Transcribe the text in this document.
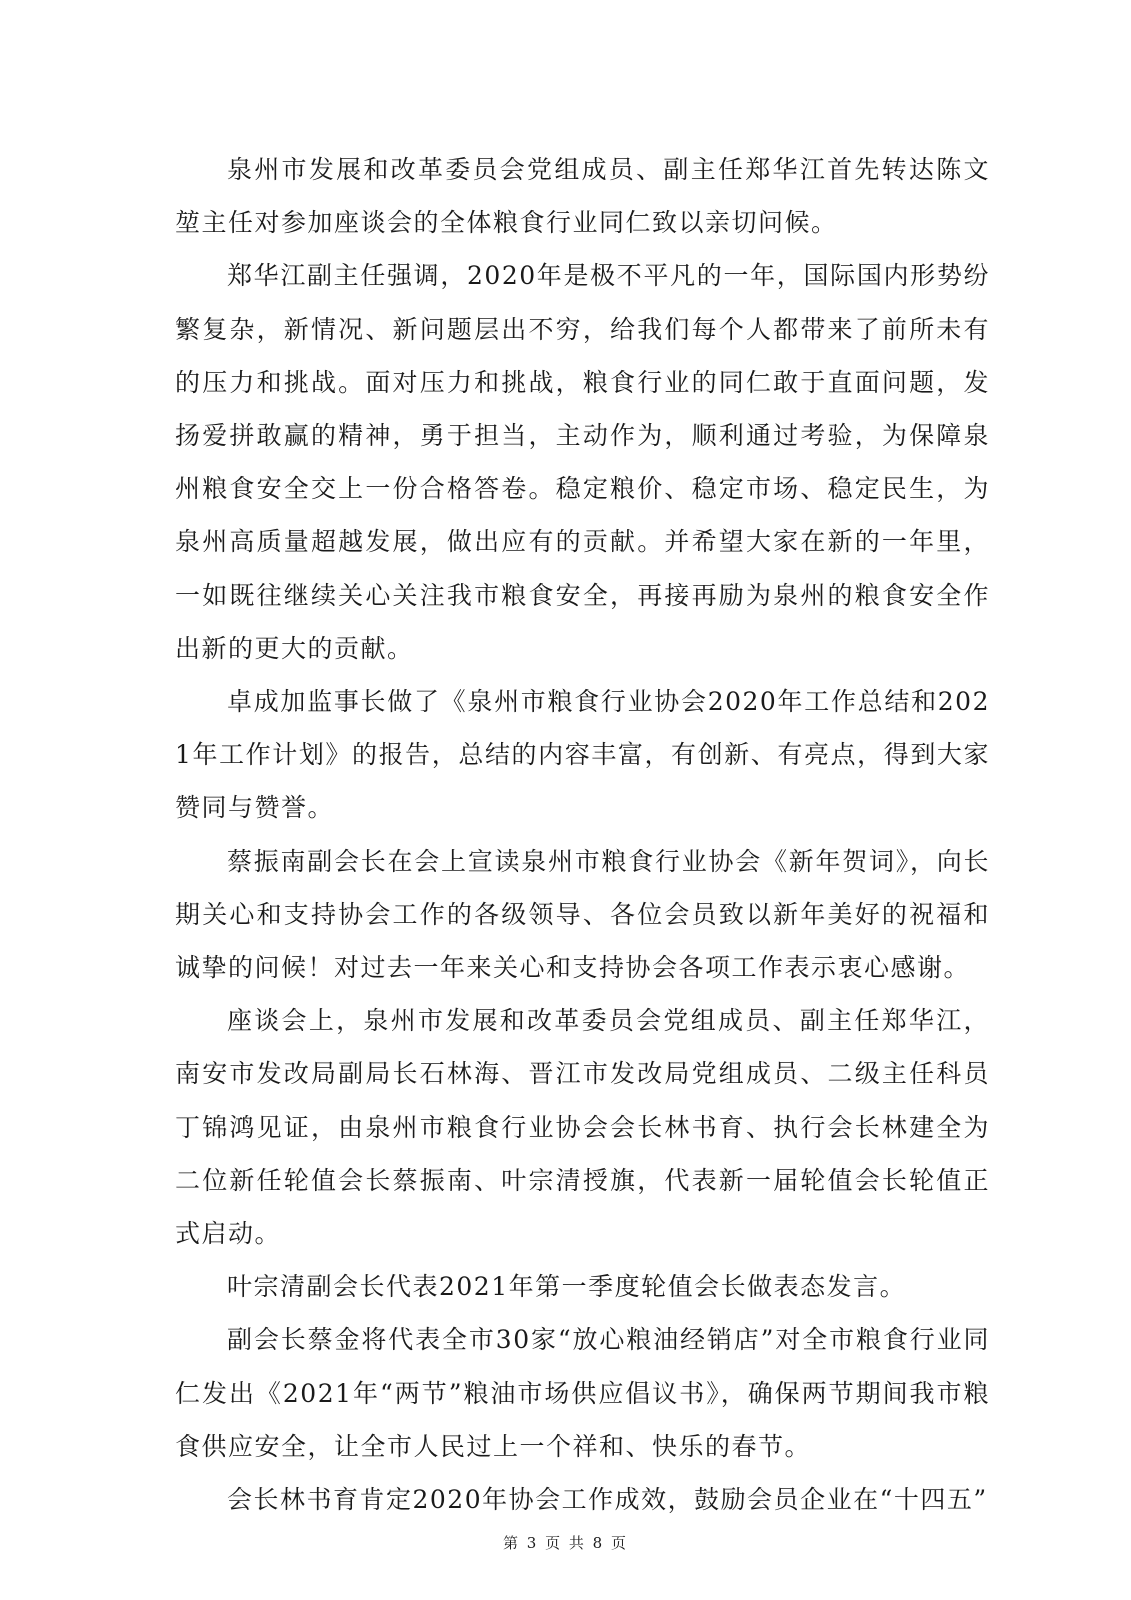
泉州市发展和改革委员会党组成员、副主任郑华江首先转达陈文堃主任对参加座谈会的全体粮食行业同仁致以亲切问候。

郑华江副主任强调，2020年是极不平凡的一年，国际国内形势纷繁复杂，新情况、新问题层出不穷，给我们每个人都带来了前所未有的压力和挑战。面对压力和挑战，粮食行业的同仁敢于直面问题，发扬爱拼敢赢的精神，勇于担当，主动作为，顺利通过考验，为保障泉州粮食安全交上一份合格答卷。稳定粮价、稳定市场、稳定民生，为泉州高质量超越发展，做出应有的贡献。并希望大家在新的一年里，一如既往继续关心关注我市粮食安全，再接再励为泉州的粮食安全作出新的更大的贡献。

卓成加监事长做了《泉州市粮食行业协会2020年工作总结和2021年工作计划》的报告，总结的内容丰富，有创新、有亮点，得到大家赞同与赞誉。

蔡振南副会长在会上宣读泉州市粮食行业协会《新年贺词》，向长期关心和支持协会工作的各级领导、各位会员致以新年美好的祝福和诚挚的问候！对过去一年来关心和支持协会各项工作表示衷心感谢。

座谈会上，泉州市发展和改革委员会党组成员、副主任郑华江，南安市发改局副局长石林海、晋江市发改局党组成员、二级主任科员丁锦鸿见证，由泉州市粮食行业协会会长林书育、执行会长林建全为二位新任轮值会长蔡振南、叶宗清授旗，代表新一届轮值会长轮值正式启动。

叶宗清副会长代表2021年第一季度轮值会长做表态发言。

副会长蔡金将代表全市30家“放心粮油经销店”对全市粮食行业同仁发出《2021年“两节”粮油市场供应倡议书》，确保两节期间我市粮食供应安全，让全市人民过上一个祥和、快乐的春节。

会长林书育肯定2020年协会工作成效，鼓励会员企业在“十四五”

第 3 页 共 8 页
